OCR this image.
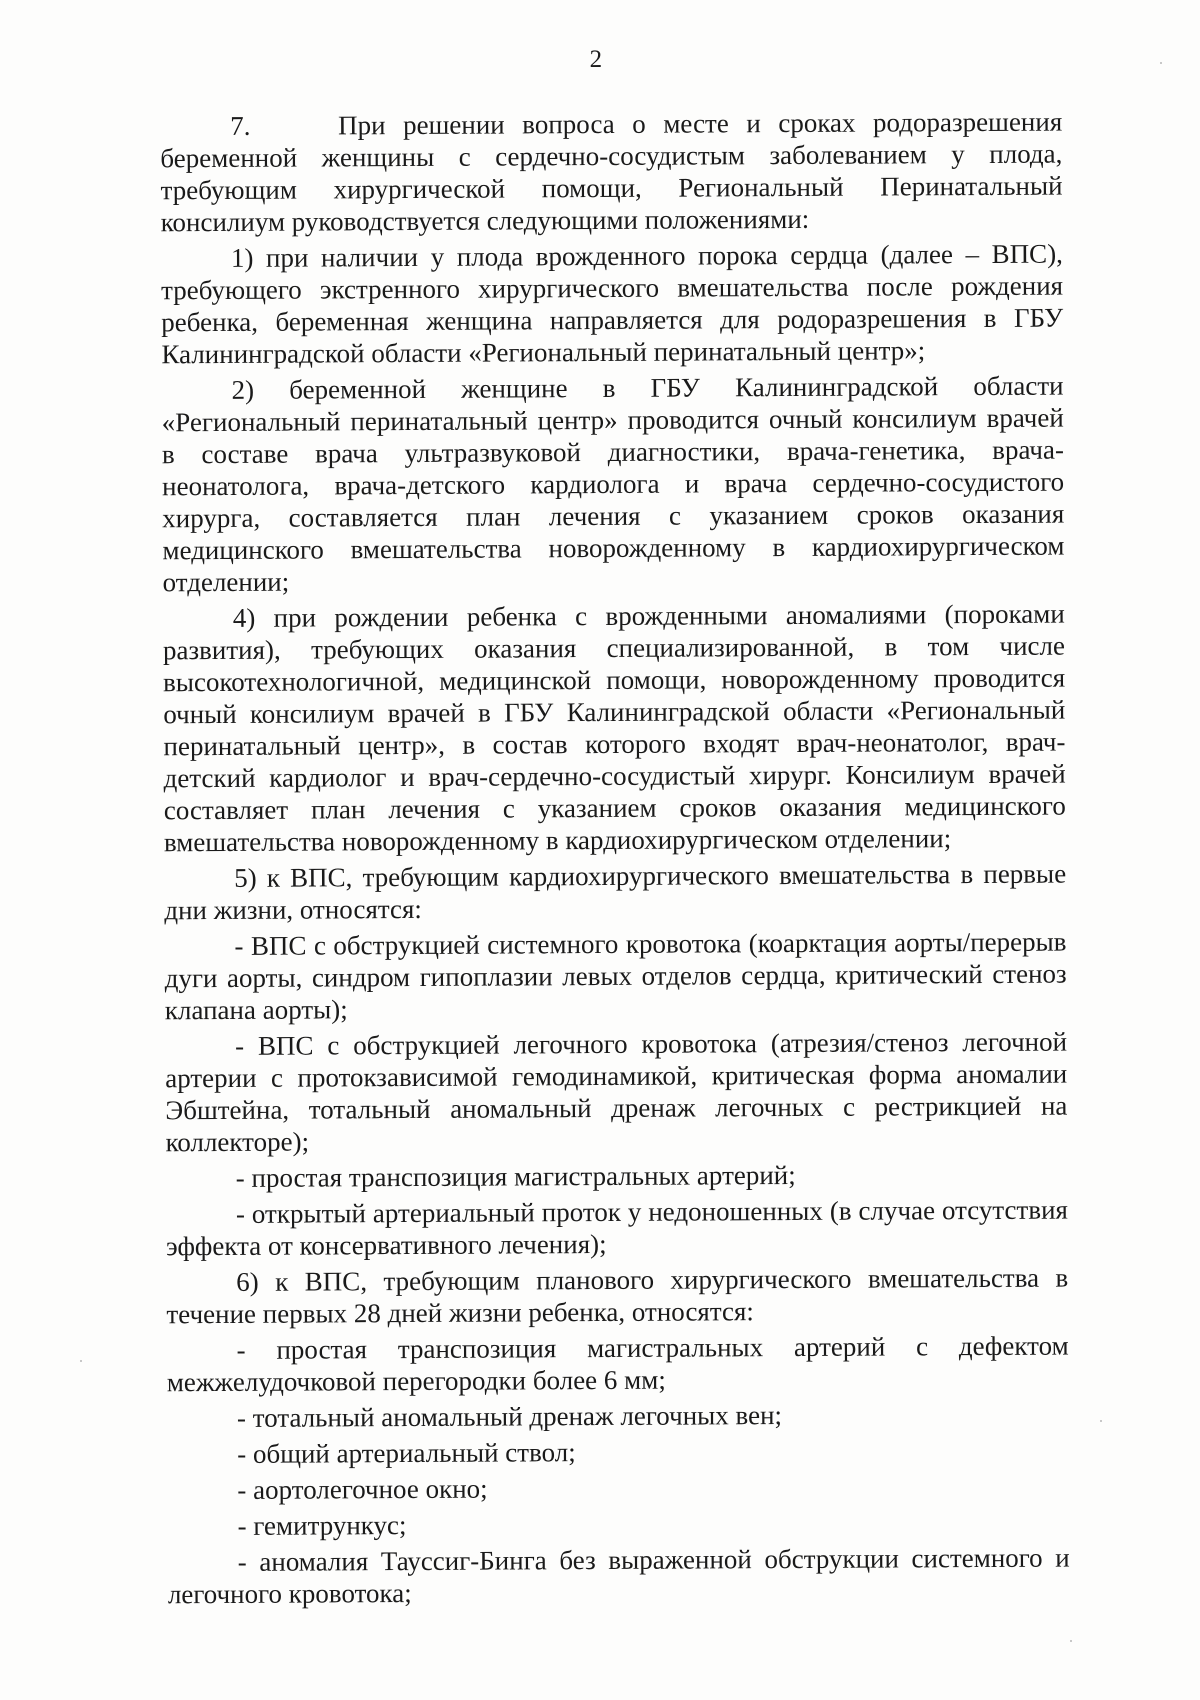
2

7.     При решении вопроса о месте и сроках родоразрешения беременной женщины с сердечно-сосудистым заболеванием у плода, требующим хирургической помощи, Региональный Перинатальный консилиум руководствуется следующими положениями:

1) при наличии у плода врожденного порока сердца (далее – ВПС), требующего экстренного хирургического вмешательства после рождения ребенка, беременная женщина направляется для родоразрешения в ГБУ Калининградской области «Региональный перинатальный центр»;

2) беременной женщине в ГБУ Калининградской области «Региональный перинатальный центр» проводится очный консилиум врачей в составе врача ультразвуковой диагностики, врача-генетика, врача-неонатолога, врача-детского кардиолога и врача сердечно-сосудистого хирурга, составляется план лечения с указанием сроков оказания медицинского вмешательства новорожденному в кардиохирургическом отделении;

4) при рождении ребенка с врожденными аномалиями (пороками развития), требующих оказания специализированной, в том числе высокотехнологичной, медицинской помощи, новорожденному проводится очный консилиум врачей в ГБУ Калининградской области «Региональный перинатальный центр», в состав которого входят врач-неонатолог, врач-детский кардиолог и врач-сердечно-сосудистый хирург. Консилиум врачей составляет план лечения с указанием сроков оказания медицинского вмешательства новорожденному в кардиохирургическом отделении;

5) к ВПС, требующим кардиохирургического вмешательства в первые дни жизни, относятся:

- ВПС с обструкцией системного кровотока (коарктация аорты/перерыв дуги аорты, синдром гипоплазии левых отделов сердца, критический стеноз клапана аорты);

- ВПС с обструкцией легочного кровотока (атрезия/стеноз легочной артерии с протокзависимой гемодинамикой, критическая форма аномалии Эбштейна, тотальный аномальный дренаж легочных с рестрикцией на коллекторе);

- простая транспозиция магистральных артерий;

- открытый артериальный проток у недоношенных (в случае отсутствия эффекта от консервативного лечения);

6) к ВПС, требующим планового хирургического вмешательства в течение первых 28 дней жизни ребенка, относятся:

- простая транспозиция магистральных артерий с дефектом межжелудочковой перегородки более 6 мм;

- тотальный аномальный дренаж легочных вен;

- общий артериальный ствол;

- аортолегочное окно;

- гемитрункус;

- аномалия Тауссиг-Бинга без выраженной обструкции системного и легочного кровотока;
